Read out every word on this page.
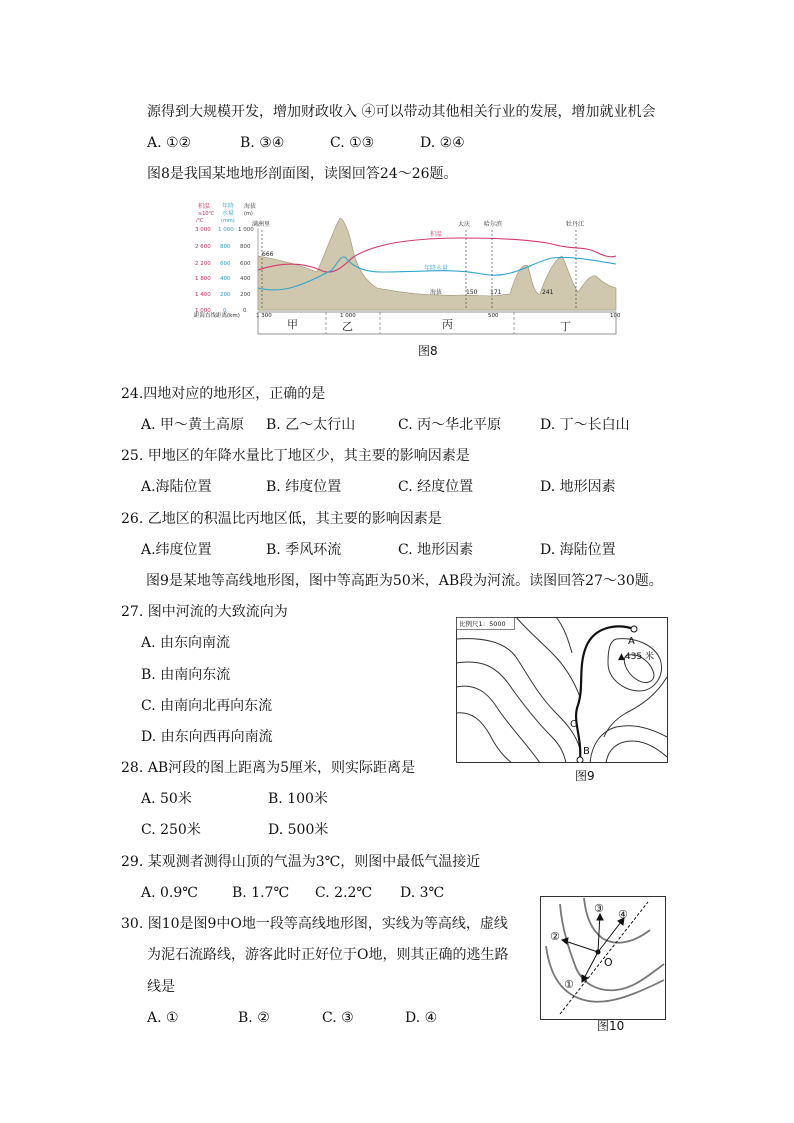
源得到大规模开发，增加财政收入 ④可以带动其他相关行业的发展，增加就业机会
A. ①②	B. ③④	C. ①③	D. ②④
图8是我国某地地形剖面图，读图回答24～26题。
积温
≥10℃
/℃
年降
水量
(mm)
海拔
(m)
3 000
2 600
2 200
1 800
1 400
1 000
1 000
800
600
400
200
0
1 000
800
600
400
200
0
满洲里	大庆 哈尔滨	牡丹江
积温
年降水量
海拔
666
150 171	241
距海直线距离(km)	1 300	1 000	500	100
甲	乙	丙	丁
图8
24.四地对应的地形区，正确的是
A. 甲～黄土高原 B. 乙～太行山	C. 丙～华北平原	D. 丁～长白山
25. 甲地区的年降水量比丁地区少，其主要的影响因素是
A.海陆位置	B. 纬度位置	C. 经度位置	D. 地形因素
26. 乙地区的积温比丙地区低，其主要的影响因素是
A.纬度位置	B. 季风环流	C. 地形因素	D. 海陆位置
图9是某地等高线地形图，图中等高距为50米，AB段为河流。读图回答27～30题。
27. 图中河流的大致流向为
A. 由东向南流
B. 由南向东流
C. 由南向北再向东流
D. 由东向西再向南流
比例尺1：5000
A
B
O
▲435 米
图9
28. AB河段的图上距离为5厘米，则实际距离是
A. 50米	B. 100米
C. 250米	D. 500米
29. 某观测者测得山顶的气温为3℃，则图中最低气温接近
A. 0.9℃ B. 1.7℃ C. 2.2℃ D. 3℃
30. 图10是图9中O地一段等高线地形图，实线为等高线，虚线
为泥石流路线，游客此时正好位于O地，则其正确的逃生路
线是
A. ①	B. ②	C. ③	D. ④
①
②
③ ④
O
图10
